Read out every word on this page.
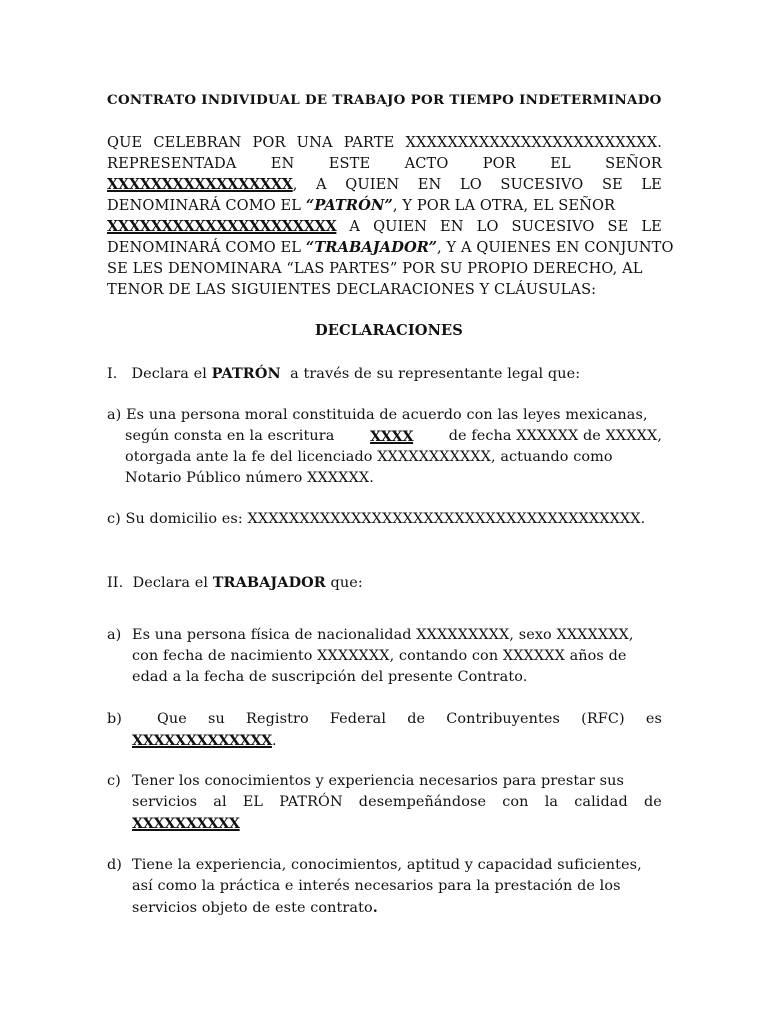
CONTRATO INDIVIDUAL DE TRABAJO POR TIEMPO INDETERMINADO
QUE CELEBRAN POR UNA PARTE XXXXXXXXXXXXXXXXXXXXXXXX.
REPRESENTADA EN ESTE ACTO POR EL SEÑOR
XXXXXXXXXXXXXXXXX, A QUIEN EN LO SUCESIVO SE LE
DENOMINARÁ COMO EL “PATRÓN”, Y POR LA OTRA, EL SEÑOR
XXXXXXXXXXXXXXXXXXXXX A QUIEN EN LO SUCESIVO SE LE
DENOMINARÁ COMO EL “TRABAJADOR”, Y A QUIENES EN CONJUNTO
SE LES DENOMINARA “LAS PARTES” POR SU PROPIO DERECHO, AL
TENOR DE LAS SIGUIENTES DECLARACIONES Y CLÁUSULAS:
DECLARACIONES
I. Declara el PATRÓN  a través de su representante legal que:
a) Es una persona moral constituida de acuerdo con las leyes mexicanas,
según consta en la escritura XXXX de fecha XXXXXX de XXXXX,
otorgada ante la fe del licenciado XXXXXXXXXXX, actuando como
Notario Público número XXXXXX.
c) Su domicilio es: XXXXXXXXXXXXXXXXXXXXXXXXXXXXXXXXXXXXXX.
II. Declara el TRABAJADOR que:
a) Es una persona física de nacionalidad XXXXXXXXX, sexo XXXXXXX,
con fecha de nacimiento XXXXXXX, contando con XXXXXX años de
edad a la fecha de suscripción del presente Contrato.
b) Que su Registro Federal de Contribuyentes (RFC) es
XXXXXXXXXXXXX.
c) Tener los conocimientos y experiencia necesarios para prestar sus
servicios al EL PATRÓN desempeñándose con la calidad de
XXXXXXXXXX
d) Tiene la experiencia, conocimientos, aptitud y capacidad suficientes,
así como la práctica e interés necesarios para la prestación de los
servicios objeto de este contrato.
